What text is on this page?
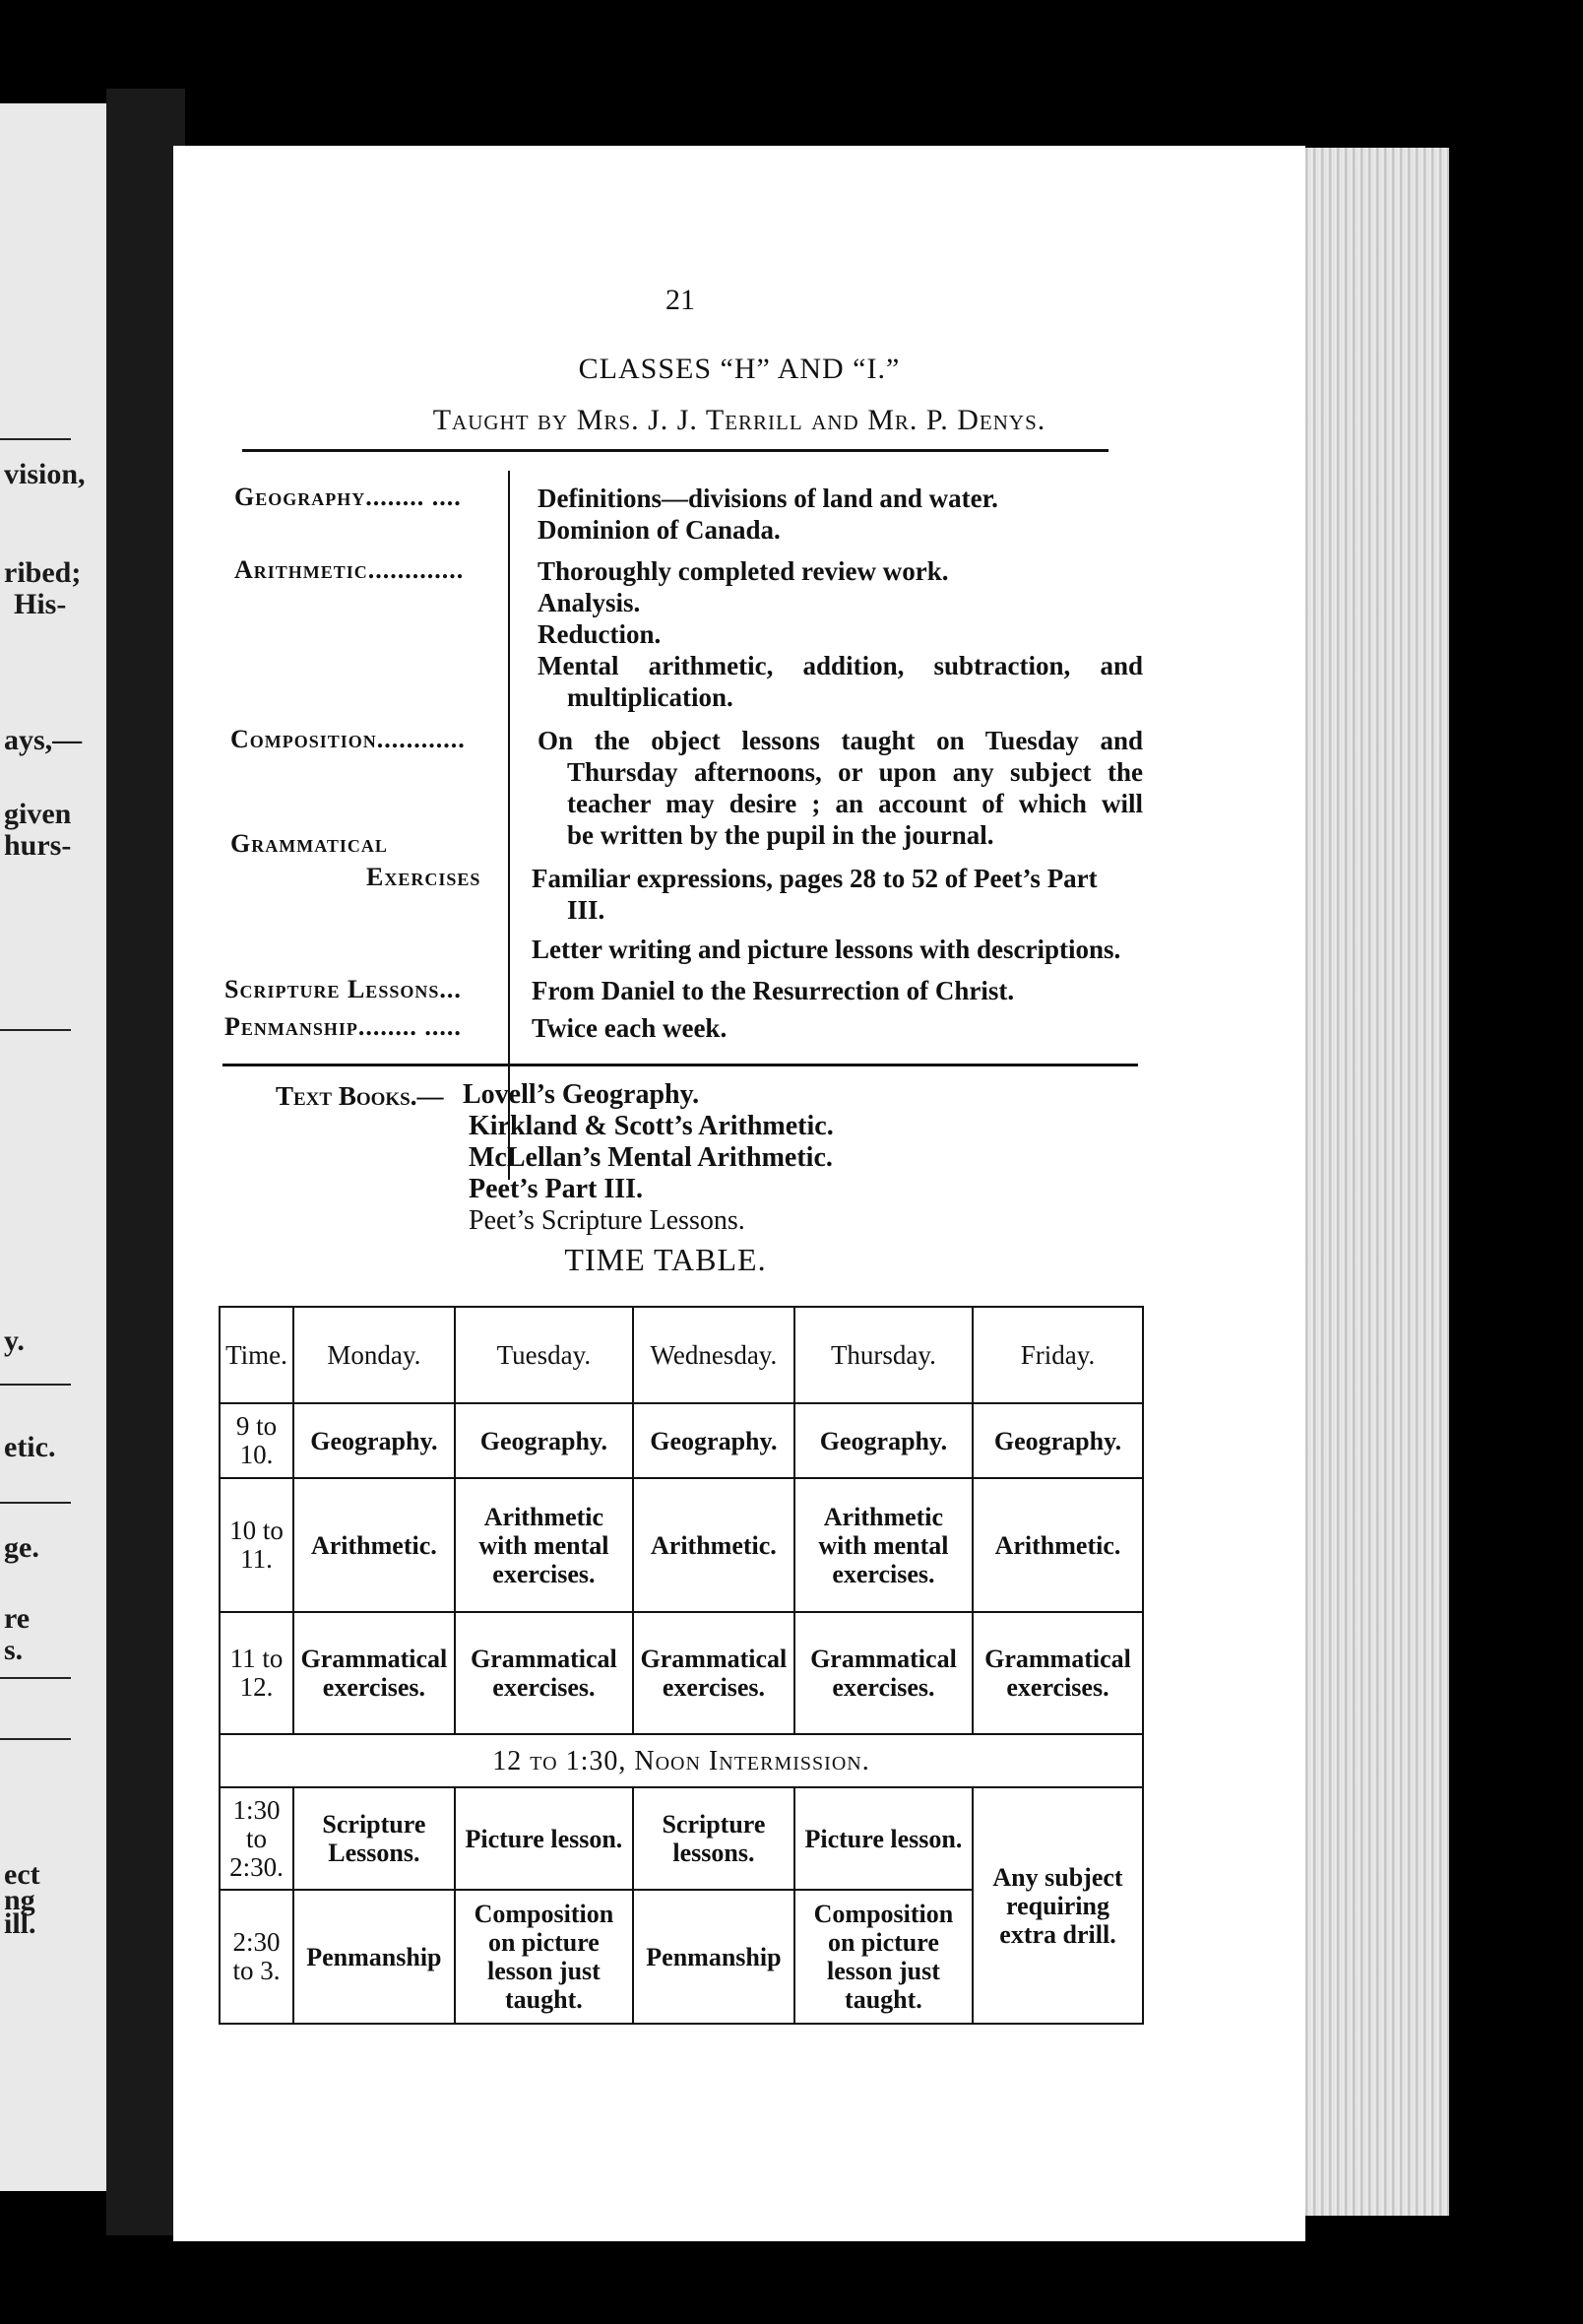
vision,
ribed;
His-
ays,—
given
hurs-
y.
etic.
ge.
re
s.
ect
ng
ill.
21
CLASSES “H” AND “I.”
Taught by Mrs. J. J. Terrill and Mr. P. Denys.
Geography........ ....	Definitions—divisions of land and water.
Dominion of Canada.
Arithmetic.............	Thoroughly completed review work.
Analysis.
Reduction.
Mental arithmetic, addition, subtraction, and
multiplication.
Composition............	On the object lessons taught on Tuesday and
Thursday afternoons, or upon any subject the
teacher may desire ; an account of which will
be written by the pupil in the journal.
Grammatical
Exercises Familiar expressions, pages 28 to 52 of Peet’s Part
III.
Letter writing and picture lessons with descriptions.
Scripture Lessons...	From Daniel to the Resurrection of Christ.
Penmanship........ .....	Twice each week.
Text Books.— Lovell’s Geography.
Kirkland & Scott’s Arithmetic.
McLellan’s Mental Arithmetic.
Peet’s Part III.
Peet’s Scripture Lessons.
TIME TABLE.
Time.	Monday.	Tuesday.	Wednesday.	Thursday.	Friday.
9 to 10.	Geography.	Geography.	Geography.	Geography.	Geography.
10 to 11.	Arithmetic.	Arithmetic with mental exercises.	Arithmetic.	Arithmetic with mental exercises.	Arithmetic.
11 to 12.	Grammatical exercises.	Grammatical exercises.	Grammatical exercises.	Grammatical exercises.	Grammatical exercises.
12 to 1:30, Noon Intermission.					
1:30 to 2:30.	Scripture Lessons.	Picture lesson.	Scripture lessons.	Picture lesson.	Any subject requiring extra drill.
2:30 to 3.	Penmanship	Composition on picture lesson just taught.	Penmanship	Composition on picture lesson just taught.	
